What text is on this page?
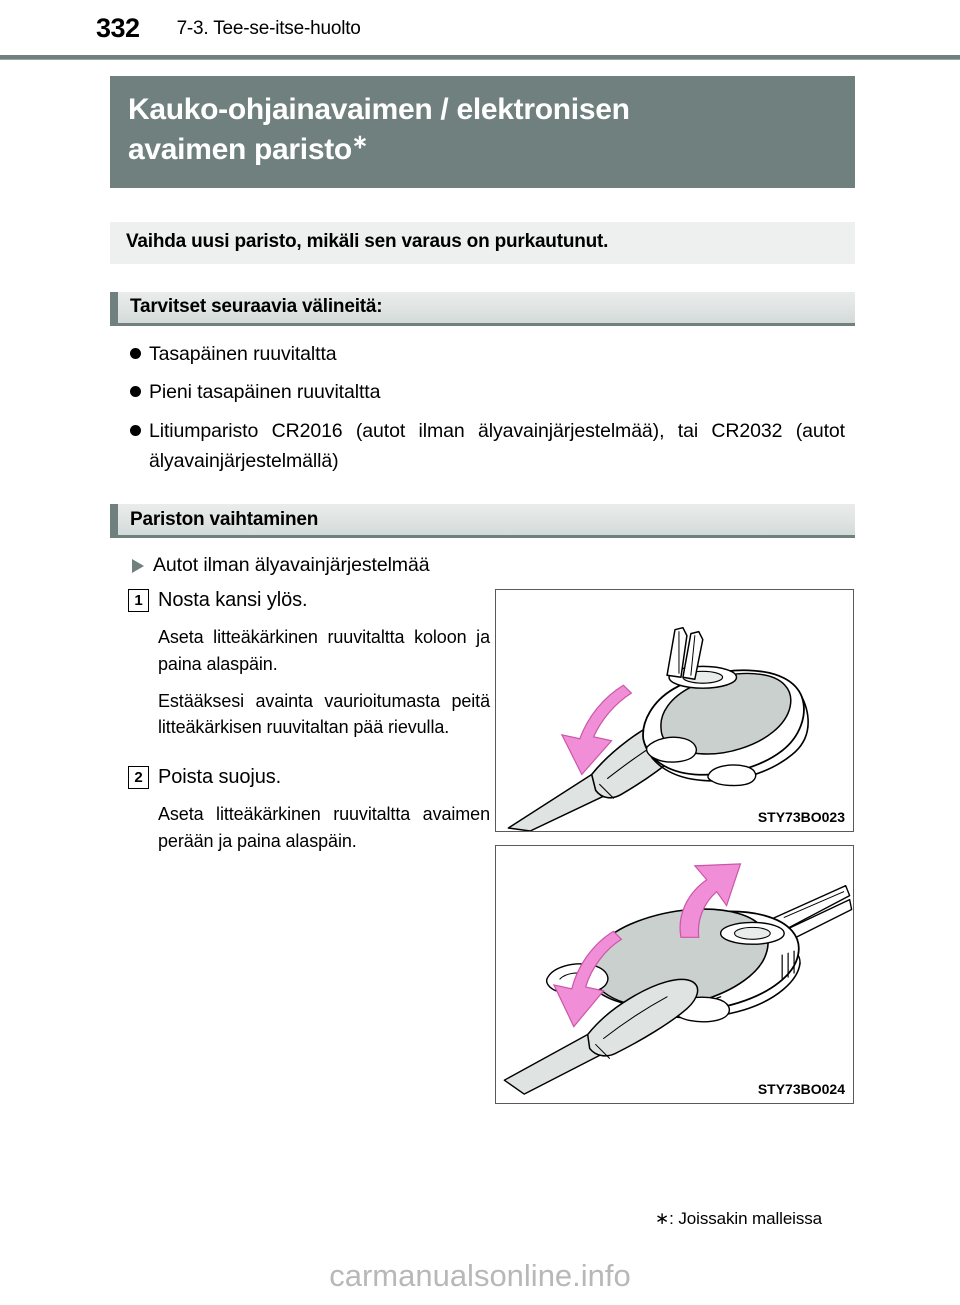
332 7-3. Tee-se-itse-huolto
Kauko-ohjainavaimen / elektronisen
avaimen paristo∗
Vaihda uusi paristo, mikäli sen varaus on purkautunut.
Tarvitset seuraavia välineitä:
Tasapäinen ruuvitaltta
Pieni tasapäinen ruuvitaltta
Litiumparisto CR2016 (autot ilman älyavainjärjestelmää), tai CR2032 (autot älyavainjärjestelmällä)
Pariston vaihtaminen
Autot ilman älyavainjärjestelmää
1 Nosta kansi ylös.
Aseta litteäkärkinen ruuvitaltta koloon ja paina alaspäin.
Estääksesi avainta vaurioitumasta peitä litteäkärkisen ruuvitaltan pää rievulla.
2 Poista suojus.
Aseta litteäkärkinen ruuvitaltta avaimen perään ja paina alaspäin.
STY73BO023
STY73BO024
∗: Joissakin malleissa
carmanualsonline.info
